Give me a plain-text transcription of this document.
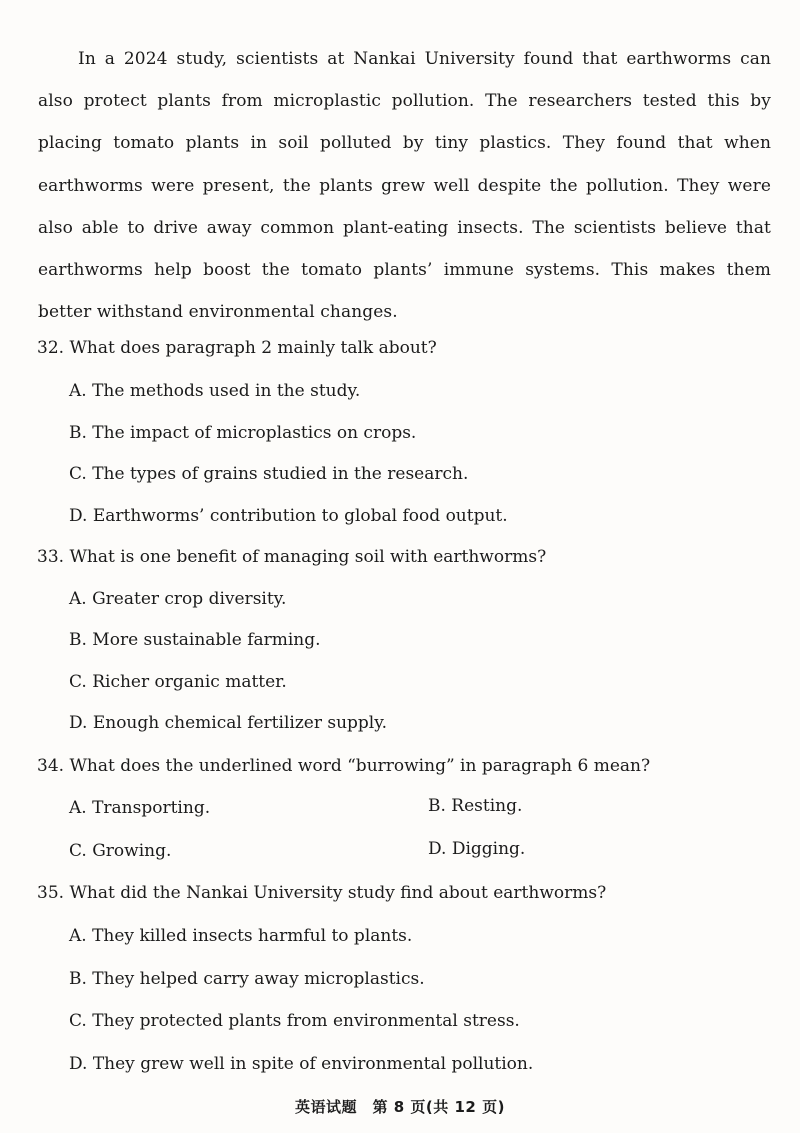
In a 2024 study, scientists at Nankai University found that earthworms can also protect plants from microplastic pollution. The researchers tested this by placing tomato plants in soil polluted by tiny plastics. They found that when earthworms were present, the plants grew well despite the pollution. They were also able to drive away common plant-eating insects. The scientists believe that earthworms help boost the tomato plants’ immune systems. This makes them better withstand environmental changes.

32. What does paragraph 2 mainly talk about?
A. The methods used in the study.
B. The impact of microplastics on crops.
C. The types of grains studied in the research.
D. Earthworms’ contribution to global food output.
33. What is one benefit of managing soil with earthworms?
A. Greater crop diversity.
B. More sustainable farming.
C. Richer organic matter.
D. Enough chemical fertilizer supply.
34. What does the underlined word “burrowing” in paragraph 6 mean?
A. Transporting.	B. Resting.
C. Growing.	D. Digging.
35. What did the Nankai University study find about earthworms?
A. They killed insects harmful to plants.
B. They helped carry away microplastics.
C. They protected plants from environmental stress.
D. They grew well in spite of environmental pollution.
英语试题　第 8 页(共 12 页)
